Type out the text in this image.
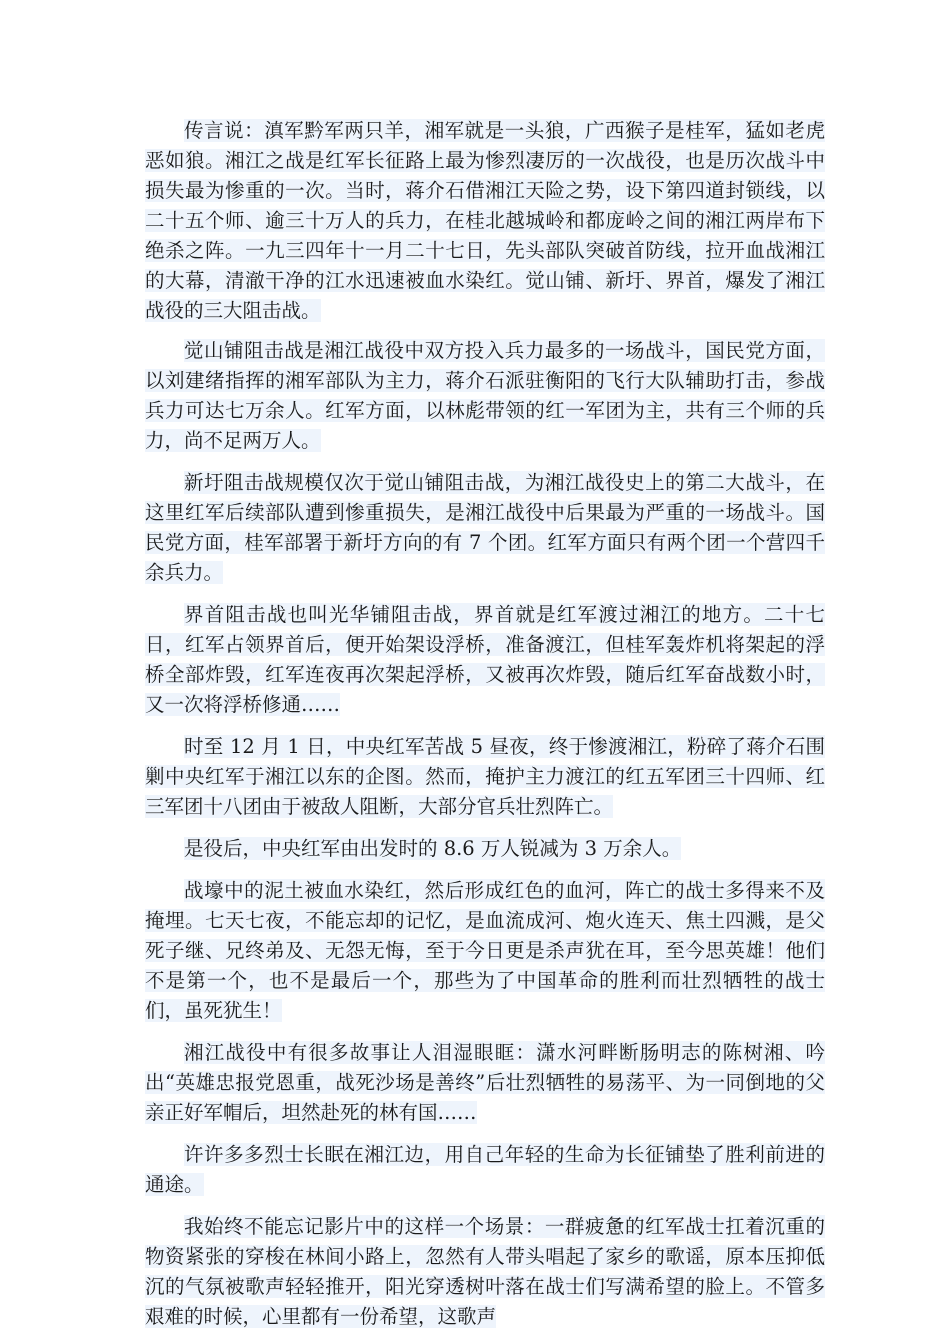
传言说：滇军黔军两只羊，湘军就是一头狼，广西猴子是桂军，猛如老虎恶如狼。湘江之战是红军长征路上最为惨烈凄厉的一次战役，也是历次战斗中损失最为惨重的一次。当时，蒋介石借湘江天险之势，设下第四道封锁线，以二十五个师、逾三十万人的兵力，在桂北越城岭和都庞岭之间的湘江两岸布下绝杀之阵。一九三四年十一月二十七日，先头部队突破首防线，拉开血战湘江的大幕，清澈干净的江水迅速被血水染红。觉山铺、新圩、界首，爆发了湘江战役的三大阻击战。

觉山铺阻击战是湘江战役中双方投入兵力最多的一场战斗，国民党方面，以刘建绪指挥的湘军部队为主力，蒋介石派驻衡阳的飞行大队辅助打击，参战兵力可达七万余人。红军方面，以林彪带领的红一军团为主，共有三个师的兵力，尚不足两万人。

新圩阻击战规模仅次于觉山铺阻击战，为湘江战役史上的第二大战斗，在这里红军后续部队遭到惨重损失，是湘江战役中后果最为严重的一场战斗。国民党方面，桂军部署于新圩方向的有 7 个团。红军方面只有两个团一个营四千余兵力。

界首阻击战也叫光华铺阻击战，界首就是红军渡过湘江的地方。二十七日，红军占领界首后，便开始架设浮桥，准备渡江，但桂军轰炸机将架起的浮桥全部炸毁，红军连夜再次架起浮桥，又被再次炸毁，随后红军奋战数小时， 又一次将浮桥修通……

时至 12 月 1 日，中央红军苦战 5 昼夜，终于惨渡湘江，粉碎了蒋介石围剿中央红军于湘江以东的企图。然而，掩护主力渡江的红五军团三十四师、红三军团十八团由于被敌人阻断，大部分官兵壮烈阵亡。

是役后，中央红军由出发时的 8.6 万人锐减为 3 万余人。

战壕中的泥土被血水染红，然后形成红色的血河，阵亡的战士多得来不及掩埋。七天七夜，不能忘却的记忆，是血流成河、炮火连天、焦土四溅，是父死子继、兄终弟及、无怨无悔，至于今日更是杀声犹在耳，至今思英雄！他们不是第一个，也不是最后一个，那些为了中国革命的胜利而壮烈牺牲的战士们，虽死犹生！

湘江战役中有很多故事让人泪湿眼眶：潇水河畔断肠明志的陈树湘、吟出“英雄忠报党恩重，战死沙场是善终”后壮烈牺牲的易荡平、为一同倒地的父亲正好军帽后，坦然赴死的林有国……

许许多多烈士长眠在湘江边，用自己年轻的生命为长征铺垫了胜利前进的通途。

我始终不能忘记影片中的这样一个场景：一群疲惫的红军战士扛着沉重的物资紧张的穿梭在林间小路上，忽然有人带头唱起了家乡的歌谣，原本压抑低沉的气氛被歌声轻轻推开，阳光穿透树叶落在战士们写满希望的脸上。不管多艰难的时候，心里都有一份希望，这歌声
